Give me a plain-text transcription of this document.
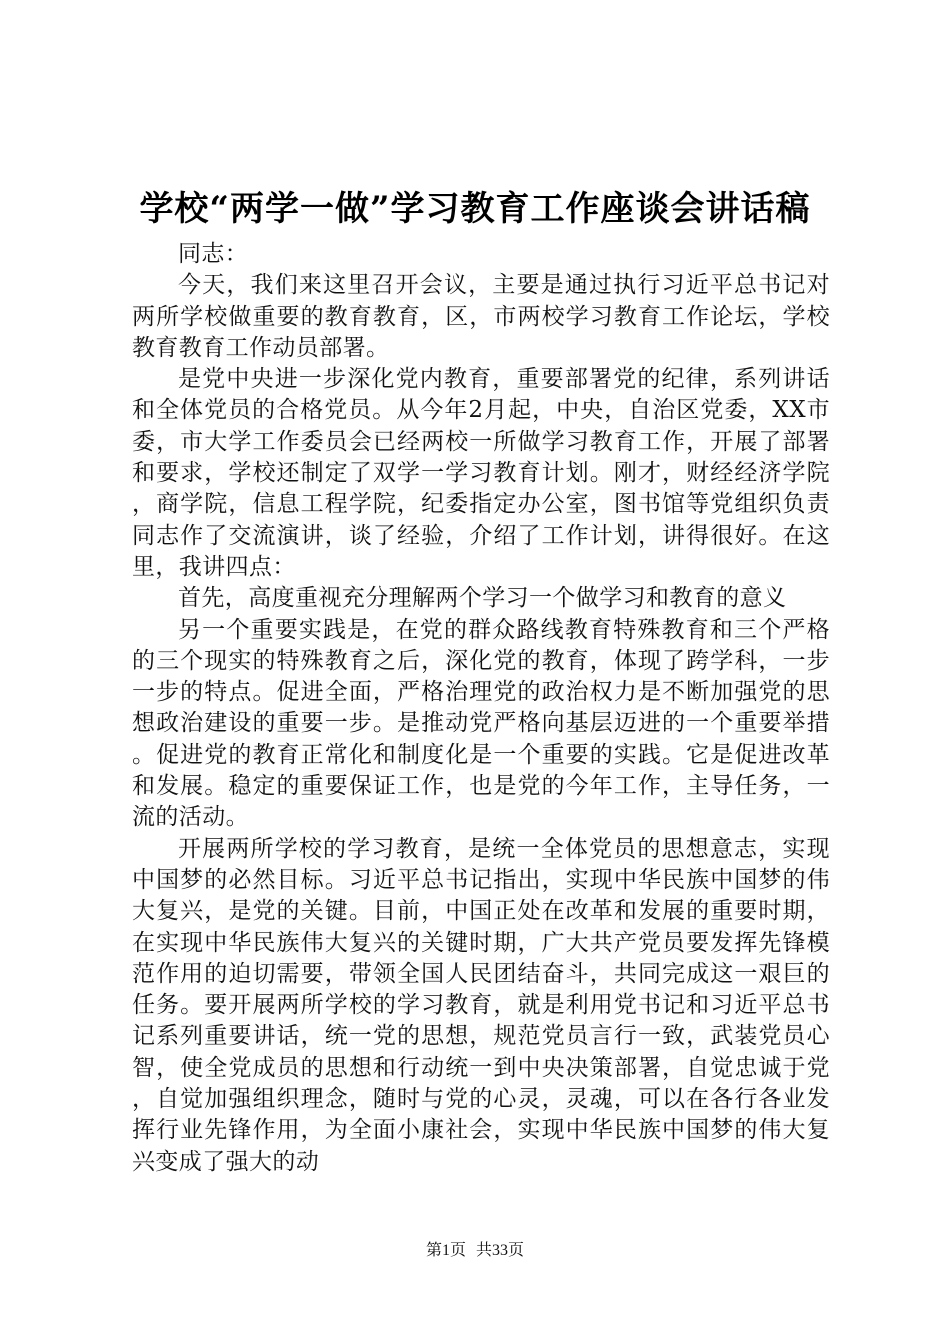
学校“两学一做”学习教育工作座谈会讲话稿

同志：

今天，我们来这里召开会议，主要是通过执行习近平总书记对两所学校做重要的教育教育，区，市两校学习教育工作论坛，学校教育教育工作动员部署。

是党中央进一步深化党内教育，重要部署党的纪律，系列讲话和全体党员的合格党员。从今年2月起，中央，自治区党委，XX市委，市大学工作委员会已经两校一所做学习教育工作，开展了部署和要求，学校还制定了双学一学习教育计划。刚才，财经经济学院，商学院，信息工程学院，纪委指定办公室，图书馆等党组织负责同志作了交流演讲，谈了经验，介绍了工作计划，讲得很好。在这里，我讲四点：

首先，高度重视充分理解两个学习一个做学习和教育的意义

另一个重要实践是，在党的群众路线教育特殊教育和三个严格的三个现实的特殊教育之后，深化党的教育，体现了跨学科，一步一步的特点。促进全面，严格治理党的政治权力是不断加强党的思想政治建设的重要一步。是推动党严格向基层迈进的一个重要举措。促进党的教育正常化和制度化是一个重要的实践。它是促进改革和发展。稳定的重要保证工作，也是党的今年工作，主导任务，一流的活动。

开展两所学校的学习教育，是统一全体党员的思想意志，实现中国梦的必然目标。习近平总书记指出，实现中华民族中国梦的伟大复兴，是党的关键。目前，中国正处在改革和发展的重要时期，在实现中华民族伟大复兴的关键时期，广大共产党员要发挥先锋模范作用的迫切需要，带领全国人民团结奋斗，共同完成这一艰巨的任务。要开展两所学校的学习教育，就是利用党书记和习近平总书记系列重要讲话，统一党的思想，规范党员言行一致，武装党员心智，使全党成员的思想和行动统一到中央决策部署，自觉忠诚于党，自觉加强组织理念，随时与党的心灵，灵魂，可以在各行各业发挥行业先锋作用，为全面小康社会，实现中华民族中国梦的伟大复兴变成了强大的动

第1页 共33页
